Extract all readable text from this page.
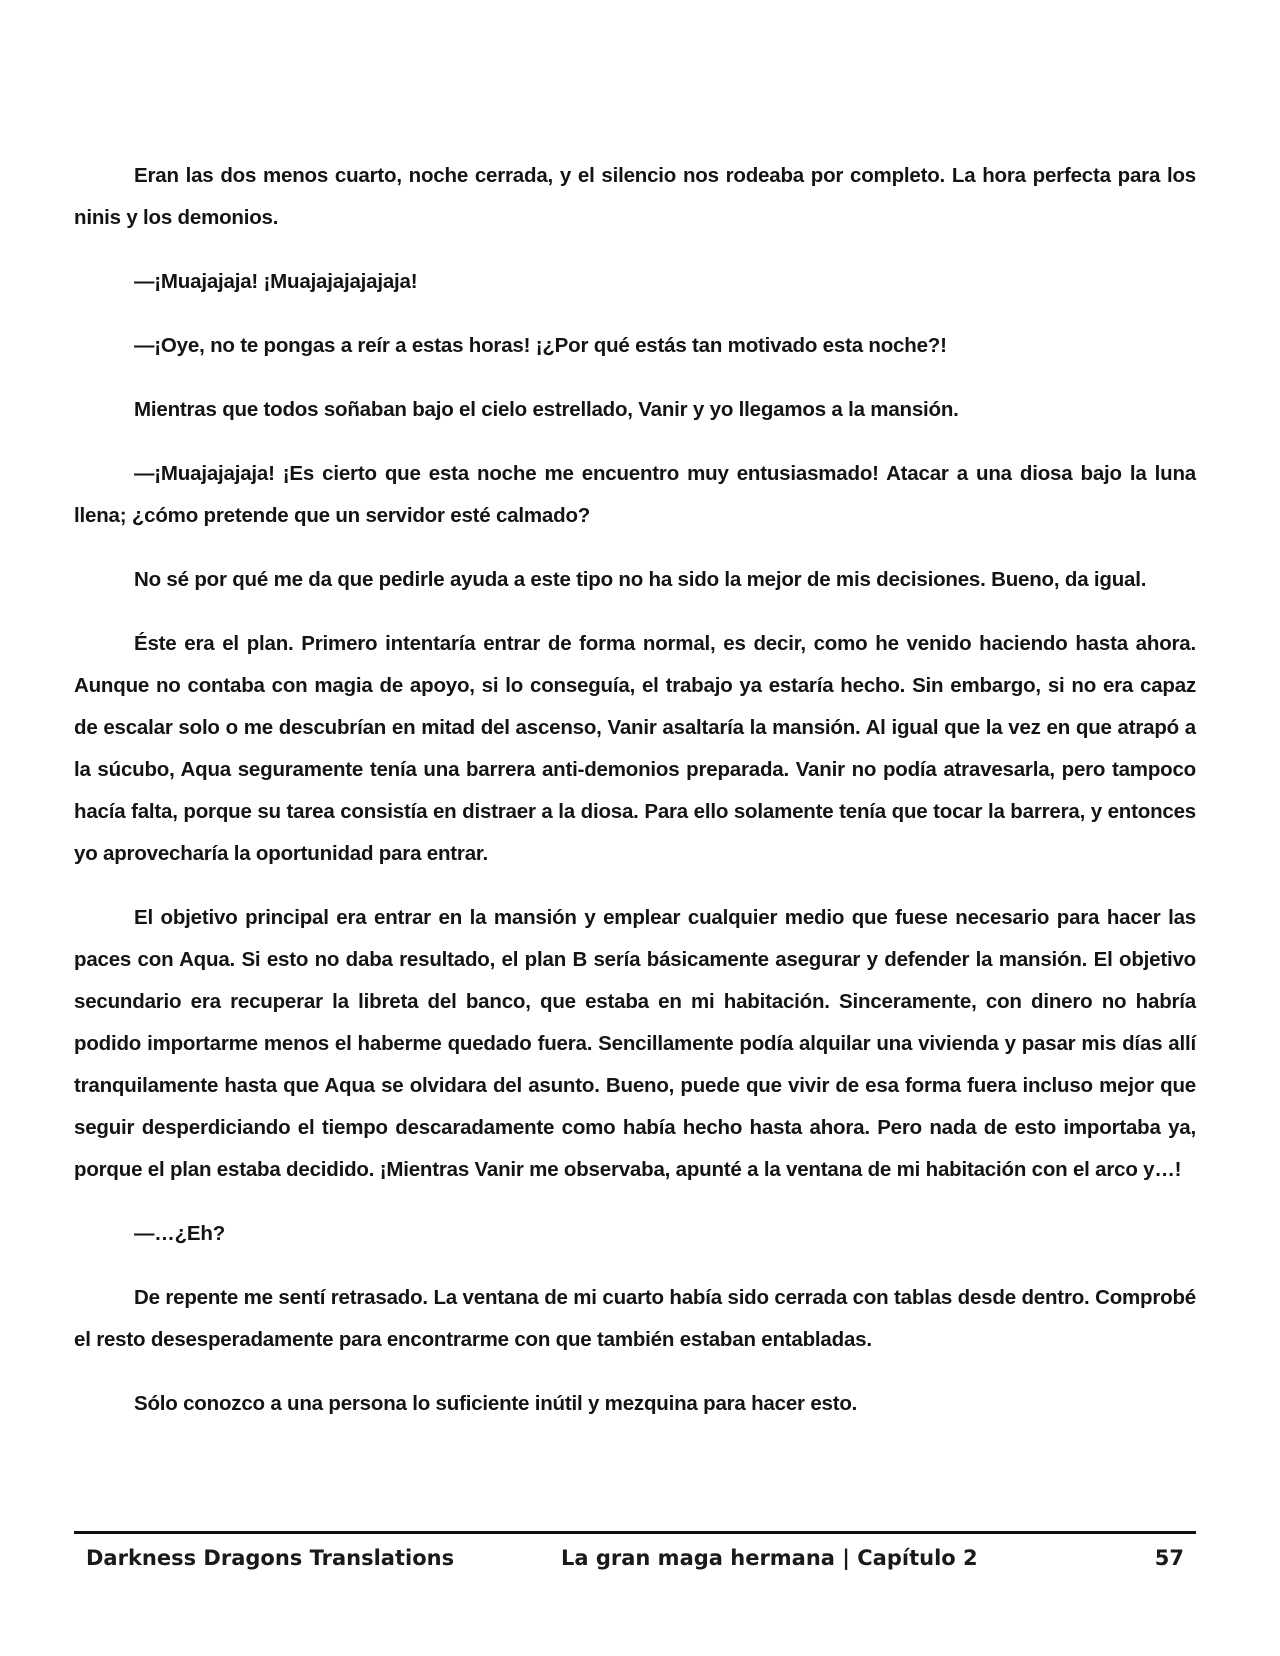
Eran las dos menos cuarto, noche cerrada, y el silencio nos rodeaba por completo. La hora perfecta para los ninis y los demonios.

—¡Muajajaja! ¡Muajajajajajaja!

—¡Oye, no te pongas a reír a estas horas! ¡¿Por qué estás tan motivado esta noche?!

Mientras que todos soñaban bajo el cielo estrellado, Vanir y yo llegamos a la mansión.

—¡Muajajajaja! ¡Es cierto que esta noche me encuentro muy entusiasmado! Atacar a una diosa bajo la luna llena; ¿cómo pretende que un servidor esté calmado?

No sé por qué me da que pedirle ayuda a este tipo no ha sido la mejor de mis decisiones. Bueno, da igual.

Éste era el plan. Primero intentaría entrar de forma normal, es decir, como he venido haciendo hasta ahora. Aunque no contaba con magia de apoyo, si lo conseguía, el trabajo ya estaría hecho. Sin embargo, si no era capaz de escalar solo o me descubrían en mitad del ascenso, Vanir asaltaría la mansión. Al igual que la vez en que atrapó a la súcubo, Aqua seguramente tenía una barrera anti-demonios preparada. Vanir no podía atravesarla, pero tampoco hacía falta, porque su tarea consistía en distraer a la diosa. Para ello solamente tenía que tocar la barrera, y entonces yo aprovecharía la oportunidad para entrar.

El objetivo principal era entrar en la mansión y emplear cualquier medio que fuese necesario para hacer las paces con Aqua. Si esto no daba resultado, el plan B sería básicamente asegurar y defender la mansión. El objetivo secundario era recuperar la libreta del banco, que estaba en mi habitación. Sinceramente, con dinero no habría podido importarme menos el haberme quedado fuera. Sencillamente podía alquilar una vivienda y pasar mis días allí tranquilamente hasta que Aqua se olvidara del asunto. Bueno, puede que vivir de esa forma fuera incluso mejor que seguir desperdiciando el tiempo descaradamente como había hecho hasta ahora. Pero nada de esto importaba ya, porque el plan estaba decidido. ¡Mientras Vanir me observaba, apunté a la ventana de mi habitación con el arco y…!

—…¿Eh?

De repente me sentí retrasado. La ventana de mi cuarto había sido cerrada con tablas desde dentro. Comprobé el resto desesperadamente para encontrarme con que también estaban entabladas.

Sólo conozco a una persona lo suficiente inútil y mezquina para hacer esto.

Darkness Dragons Translations	La gran maga hermana | Capítulo 2	57
